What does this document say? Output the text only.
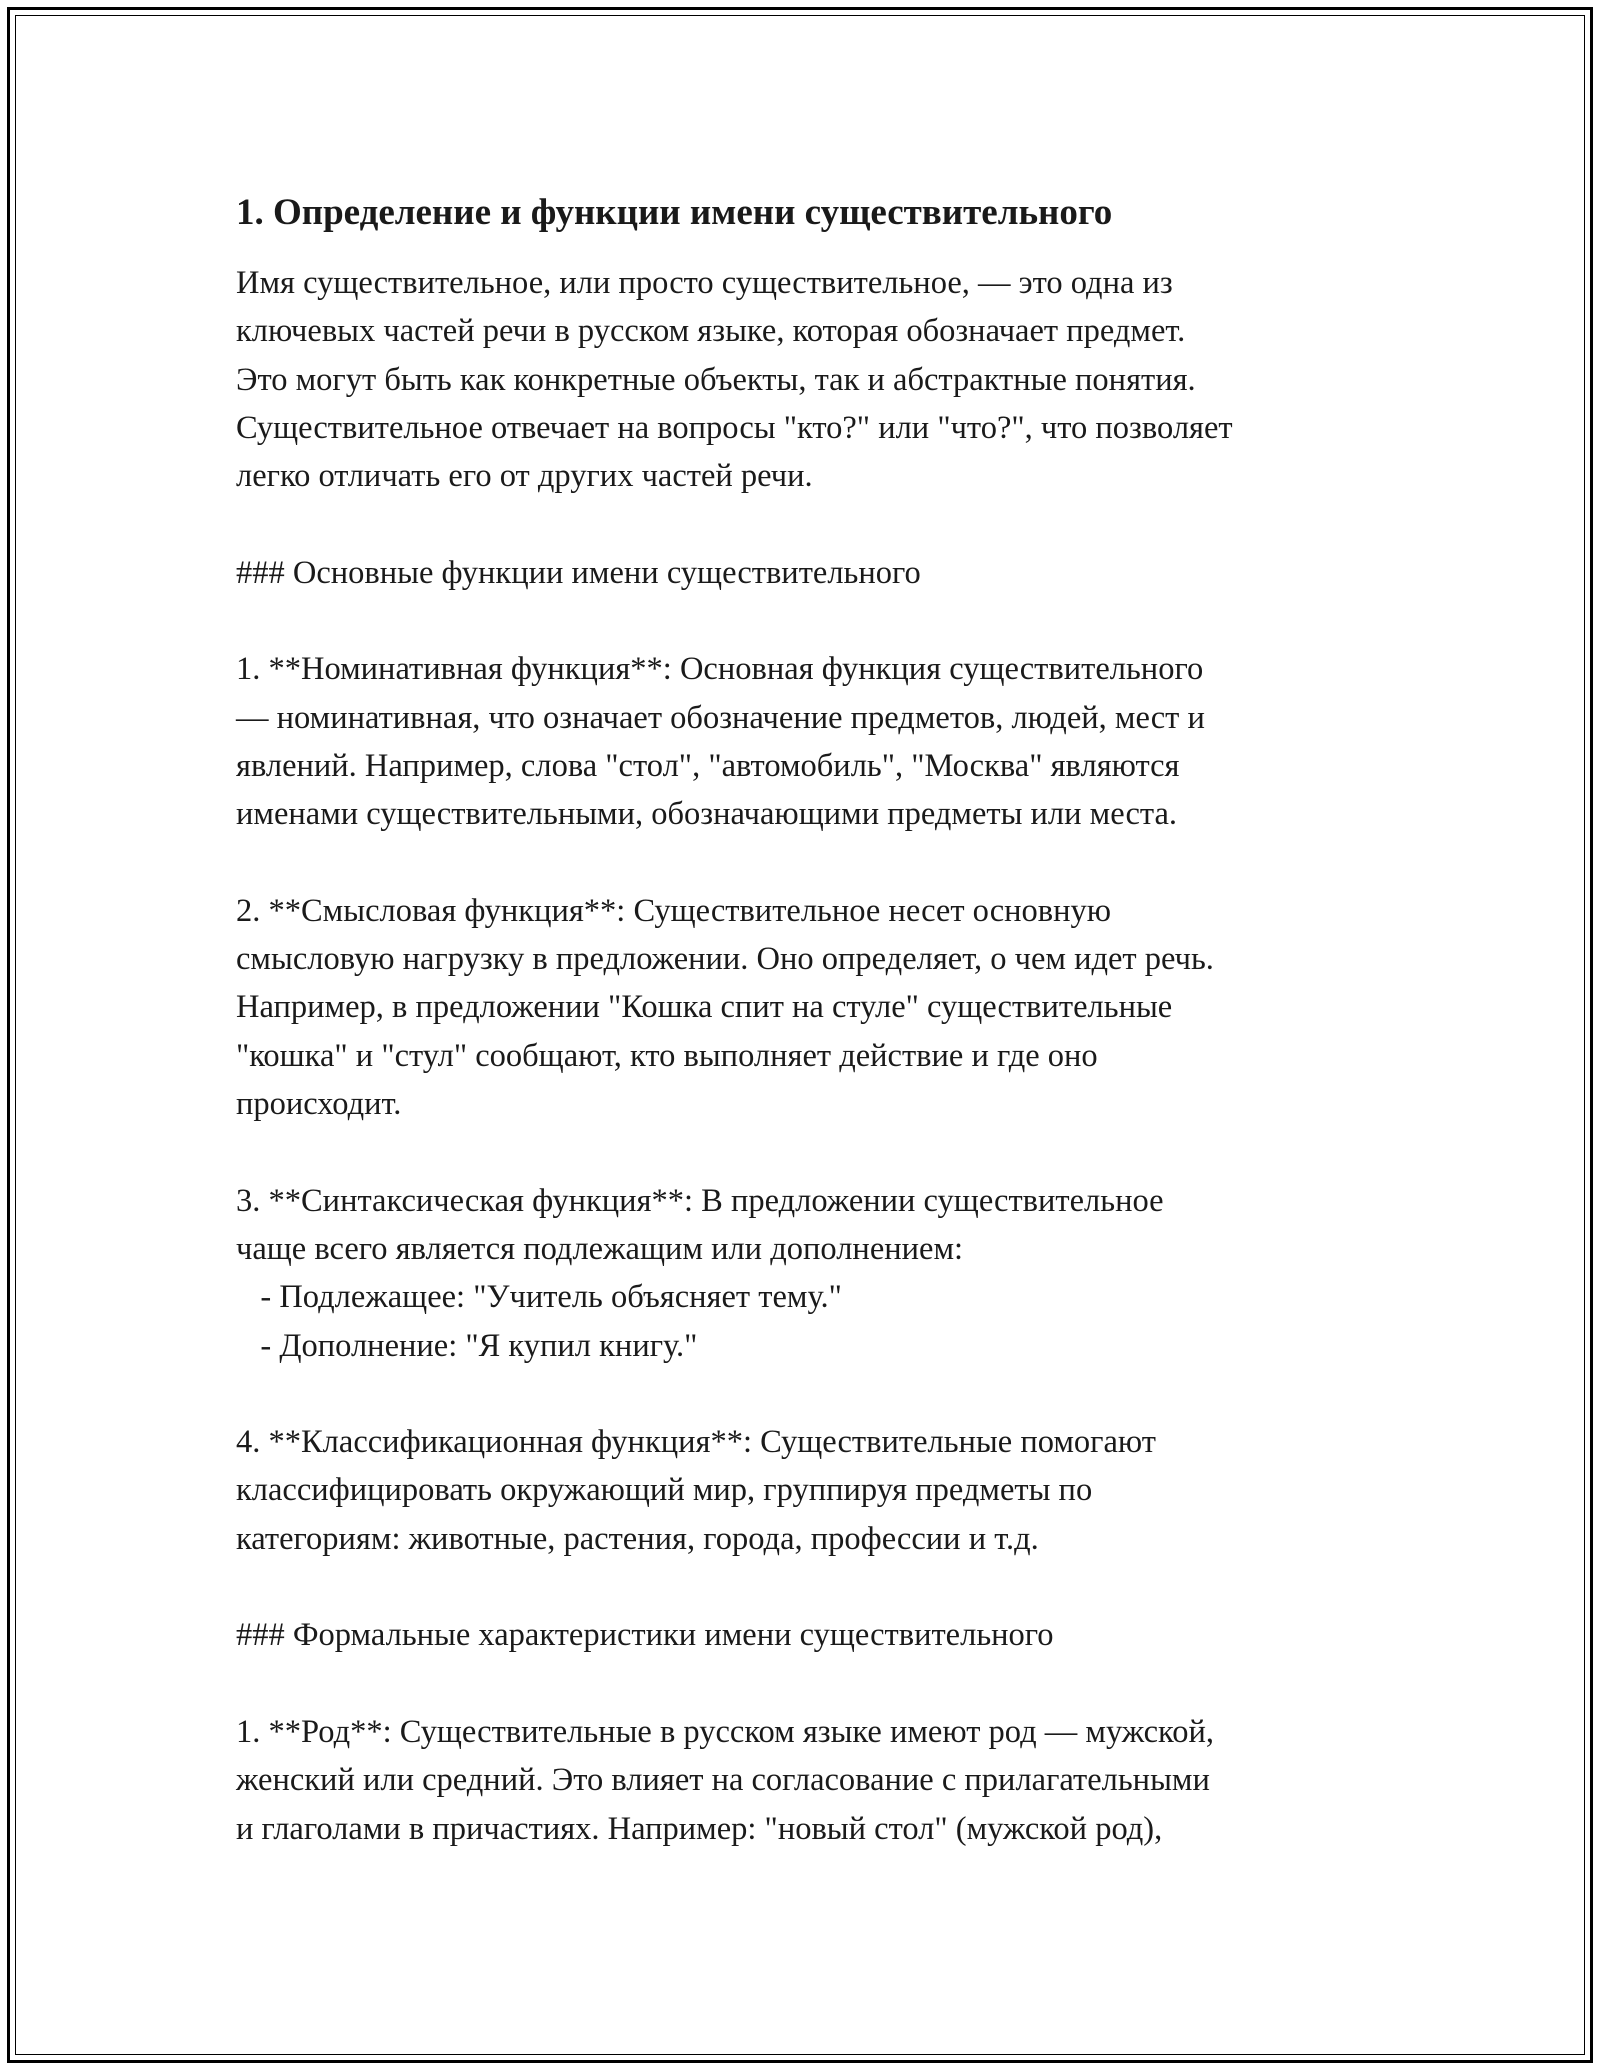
1. Определение и функции имени существительного

Имя существительное, или просто существительное, — это одна из
ключевых частей речи в русском языке, которая обозначает предмет.
Это могут быть как конкретные объекты, так и абстрактные понятия.
Существительное отвечает на вопросы "кто?" или "что?", что позволяет
легко отличать его от других частей речи.

### Основные функции имени существительного

1. **Номинативная функция**: Основная функция существительного
— номинативная, что означает обозначение предметов, людей, мест и
явлений. Например, слова "стол", "автомобиль", "Москва" являются
именами существительными, обозначающими предметы или места.

2. **Смысловая функция**: Существительное несет основную
смысловую нагрузку в предложении. Оно определяет, о чем идет речь.
Например, в предложении "Кошка спит на стуле" существительные
"кошка" и "стул" сообщают, кто выполняет действие и где оно
происходит.

3. **Синтаксическая функция**: В предложении существительное
чаще всего является подлежащим или дополнением:
- Подлежащее: "Учитель объясняет тему."
- Дополнение: "Я купил книгу."

4. **Классификационная функция**: Существительные помогают
классифицировать окружающий мир, группируя предметы по
категориям: животные, растения, города, профессии и т.д.

### Формальные характеристики имени существительного

1. **Род**: Существительные в русском языке имеют род — мужской,
женский или средний. Это влияет на согласование с прилагательными
и глаголами в причастиях. Например: "новый стол" (мужской род),
